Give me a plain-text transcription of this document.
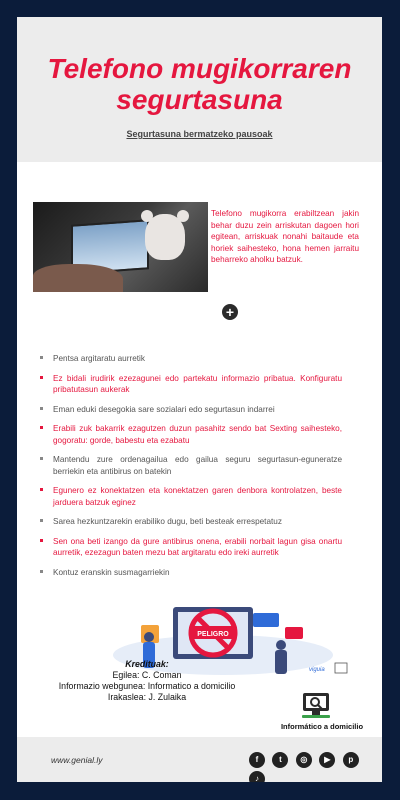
Telefono mugikorraren
segurtasuna
Segurtasuna bermatzeko pausoak
Telefono mugikorra erabiltzean jakin behar duzu zein arriskutan dagoen hori egitean, arriskuak nonahi baitaude eta horiek saihesteko, hona hemen jarraitu beharreko aholku batzuk.
+
Pentsa argitaratu aurretik
Ez bidali irudirik ezezagunei edo partekatu informazio pribatua. Konfiguratu pribatutasun aukerak
Eman eduki desegokia sare sozialari edo segurtasun indarrei
Erabili zuk bakarrik ezagutzen duzun pasahitz sendo bat Sexting saihesteko, gogoratu: gorde, babestu eta ezabatu
Mantendu zure ordenagailua edo gailua seguru segurtasun-eguneratze berriekin eta antibirus on batekin
Egunero ez konektatzen eta konektatzen garen denbora kontrolatzen, beste jarduera batzuk eginez
Sarea hezkuntzarekin erabiliko dugu, beti besteak errespetatuz
Sen ona beti izango da gure antibirus onena, erabili norbait lagun gisa onartu aurretik, ezezagun baten mezu bat argitaratu edo ireki aurretik
Kontuz eranskin susmagarriekin
PELIGRO
viguia
Kredituak:
Egilea: C. Coman
Informazio webgunea: Informatico a domicilio
Irakaslea: J. Zulaika
Informático a domicilio
www.genial.ly	f	t ◎ ▶ p ♪
